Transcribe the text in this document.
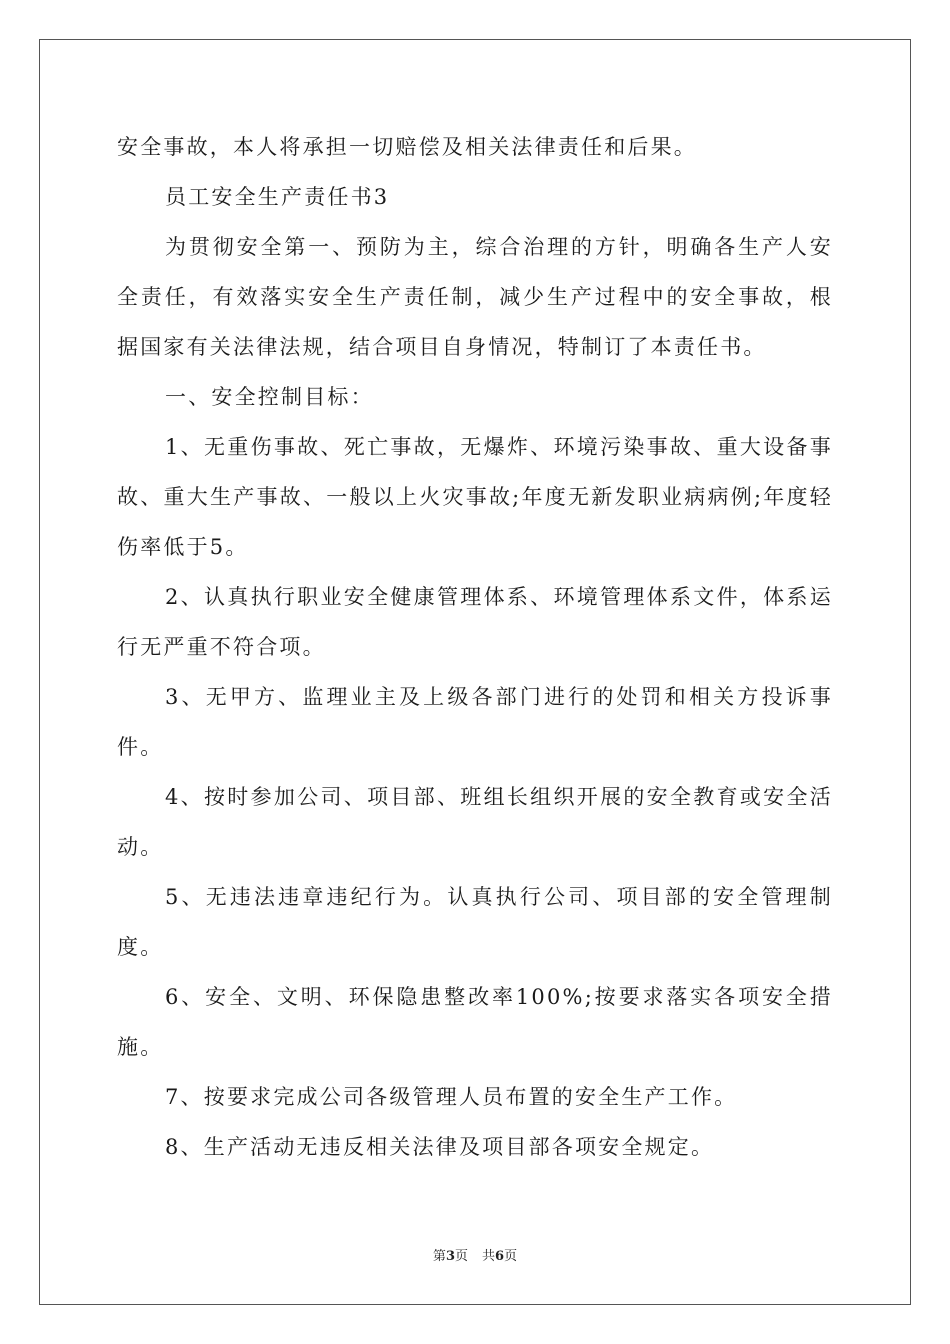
安全事故，本人将承担一切赔偿及相关法律责任和后果。

员工安全生产责任书3

为贯彻安全第一、预防为主，综合治理的方针，明确各生产人安全责任，有效落实安全生产责任制，减少生产过程中的安全事故，根据国家有关法律法规，结合项目自身情况，特制订了本责任书。

一、安全控制目标：

1、无重伤事故、死亡事故，无爆炸、环境污染事故、重大设备事故、重大生产事故、一般以上火灾事故;年度无新发职业病病例;年度轻伤率低于5。

2、认真执行职业安全健康管理体系、环境管理体系文件，体系运行无严重不符合项。

3、无甲方、监理业主及上级各部门进行的处罚和相关方投诉事件。

4、按时参加公司、项目部、班组长组织开展的安全教育或安全活动。

5、无违法违章违纪行为。认真执行公司、项目部的安全管理制度。

6、安全、文明、环保隐患整改率100%;按要求落实各项安全措施。

7、按要求完成公司各级管理人员布置的安全生产工作。

8、生产活动无违反相关法律及项目部各项安全规定。

第3页 共6页
